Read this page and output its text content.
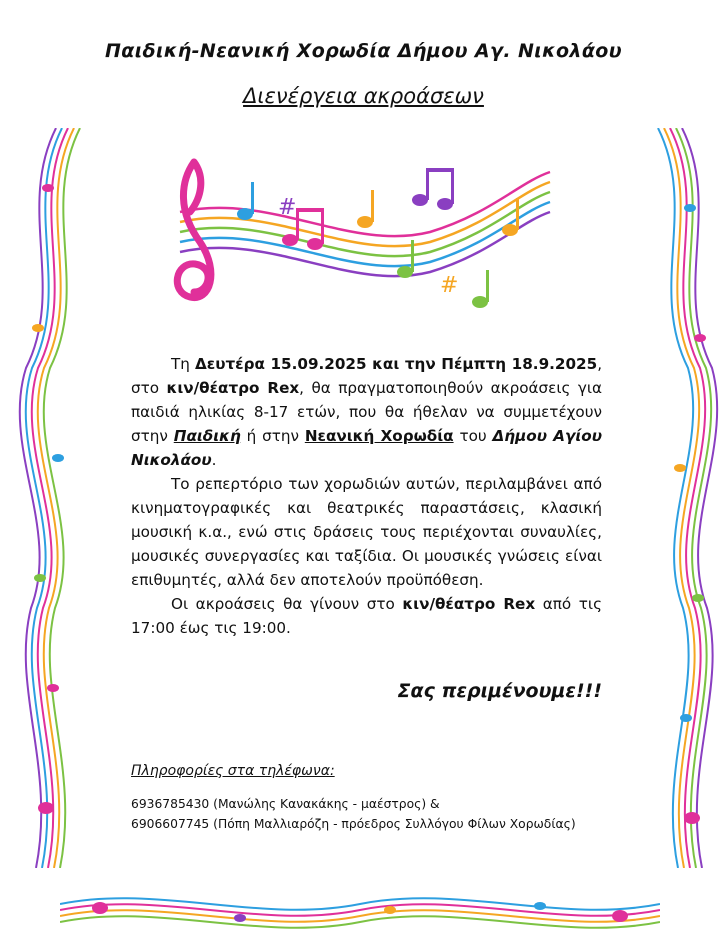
Παιδική-Νεανική Χορωδία Δήμου Αγ. Νικολάου
Διενέργεια ακροάσεων
#
#

Τη Δευτέρα 15.09.2025 και την Πέμπτη 18.9.2025, στο κιν/θέατρο Rex, θα πραγματοποιηθούν ακροάσεις για παιδιά ηλικίας 8-17 ετών, που θα ήθελαν να συμμετέχουν στην Παιδική ή στην Νεανική Χορωδία του Δήμου Αγίου Νικολάου.

Το ρεπερτόριο των χορωδιών αυτών, περιλαμβάνει από κινηματογραφικές και θεατρικές παραστάσεις, κλασική μουσική κ.α., ενώ στις δράσεις τους περιέχονται συναυλίες, μουσικές συνεργασίες και ταξίδια. Οι μουσικές γνώσεις είναι επιθυμητές, αλλά δεν αποτελούν προϋπόθεση.

Οι ακροάσεις θα γίνουν στο κιν/θέατρο Rex από τις 17:00 έως τις 19:00.

Σας περιμένουμε!!!
Πληροφορίες στα τηλέφωνα:
6936785430 (Μανώλης Κανακάκης - μαέστρος) &
6906607745 (Πόπη Μαλλιαρόζη - πρόεδρος Συλλόγου Φίλων Χορωδίας)
